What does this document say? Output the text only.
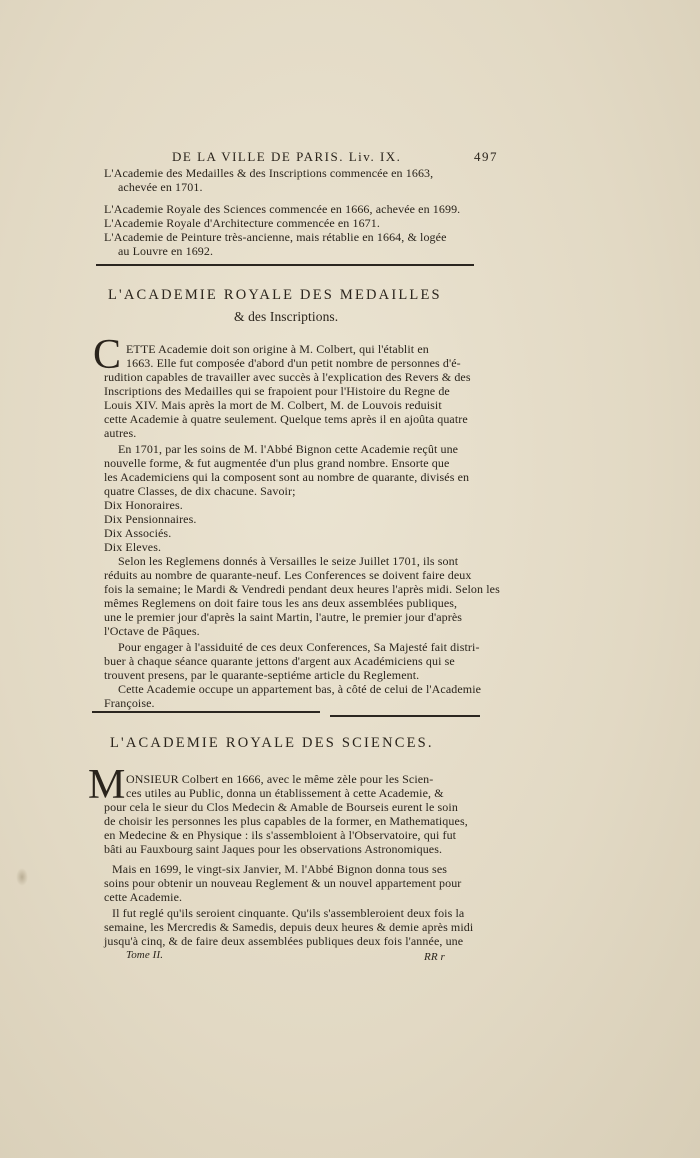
DE LA VILLE DE PARIS. Liv. IX.	497
L'Academie des Medailles & des Inscriptions commencée en 1663,
achevée en 1701.
L'Academie Royale des Sciences commencée en 1666, achevée en 1699.
L'Academie Royale d'Architecture commencée en 1671.
L'Academie de Peinture très-ancienne, mais rétablie en 1664, & logée
au Louvre en 1692.
L'ACADEMIE ROYALE DES MEDAILLES
& des Inscriptions.
C ETTE Academie doit son origine à M. Colbert, qui l'établit en
1663. Elle fut composée d'abord d'un petit nombre de personnes d'é-
rudition capables de travailler avec succès à l'explication des Revers & des
Inscriptions des Medailles qui se frapoient pour l'Histoire du Regne de
Louis XIV. Mais après la mort de M. Colbert, M. de Louvois reduisit
cette Academie à quatre seulement. Quelque tems après il en ajoûta quatre
autres.
En 1701, par les soins de M. l'Abbé Bignon cette Academie reçût une
nouvelle forme, & fut augmentée d'un plus grand nombre. Ensorte que
les Academiciens qui la composent sont au nombre de quarante, divisés en
quatre Classes, de dix chacune. Savoir;
Dix Honoraires.
Dix Pensionnaires.
Dix Associés.
Dix Eleves.
Selon les Reglemens donnés à Versailles le seize Juillet 1701, ils sont
réduits au nombre de quarante-neuf. Les Conferences se doivent faire deux
fois la semaine; le Mardi & Vendredi pendant deux heures l'après midi. Selon les
mêmes Reglemens on doit faire tous les ans deux assemblées publiques,
une le premier jour d'après la saint Martin, l'autre, le premier jour d'après
l'Octave de Pâques.
Pour engager à l'assiduité de ces deux Conferences, Sa Majesté fait distri-
buer à chaque séance quarante jettons d'argent aux Académiciens qui se
trouvent presens, par le quarante-septiéme article du Reglement.
Cette Academie occupe un appartement bas, à côté de celui de l'Academie
Françoise.
L'ACADEMIE ROYALE DES SCIENCES.
M ONSIEUR Colbert en 1666, avec le même zèle pour les Scien-
ces utiles au Public, donna un établissement à cette Academie, &
pour cela le sieur du Clos Medecin & Amable de Bourseis eurent le soin
de choisir les personnes les plus capables de la former, en Mathematiques,
en Medecine & en Physique : ils s'assembloient à l'Observatoire, qui fut
bâti au Fauxbourg saint Jaques pour les observations Astronomiques.
Mais en 1699, le vingt-six Janvier, M. l'Abbé Bignon donna tous ses
soins pour obtenir un nouveau Reglement & un nouvel appartement pour
cette Academie.
Il fut reglé qu'ils seroient cinquante. Qu'ils s'assembleroient deux fois la
semaine, les Mercredis & Samedis, depuis deux heures & demie après midi
jusqu'à cinq, & de faire deux assemblées publiques deux fois l'année, une
Tome II.	RR r
